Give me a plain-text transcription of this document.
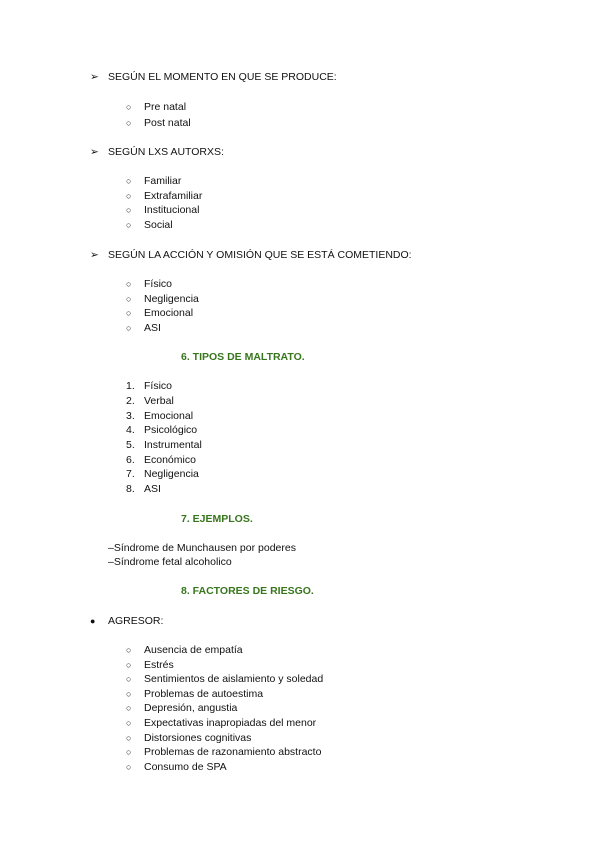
➢ SEGÚN EL MOMENTO EN QUE SE PRODUCE:
○ Pre natal
○ Post natal
➢ SEGÚN LXS AUTORXS:
○ Familiar
○ Extrafamiliar
○ Institucional
○ Social
➢ SEGÚN LA ACCIÓN Y OMISIÓN QUE SE ESTÁ COMETIENDO:
○ Físico
○ Negligencia
○ Emocional
○ ASI
6. TIPOS DE MALTRATO.
1. Físico
2. Verbal
3. Emocional
4. Psicológico
5. Instrumental
6. Económico
7. Negligencia
8. ASI
7. EJEMPLOS.
–Síndrome de Munchausen por poderes
–Síndrome fetal alcoholico
8. FACTORES DE RIESGO.
● AGRESOR:
○ Ausencia de empatía
○ Estrés
○ Sentimientos de aislamiento y soledad
○ Problemas de autoestima
○ Depresión, angustia
○ Expectativas inapropiadas del menor
○ Distorsiones cognitivas
○ Problemas de razonamiento abstracto
○ Consumo de SPA
